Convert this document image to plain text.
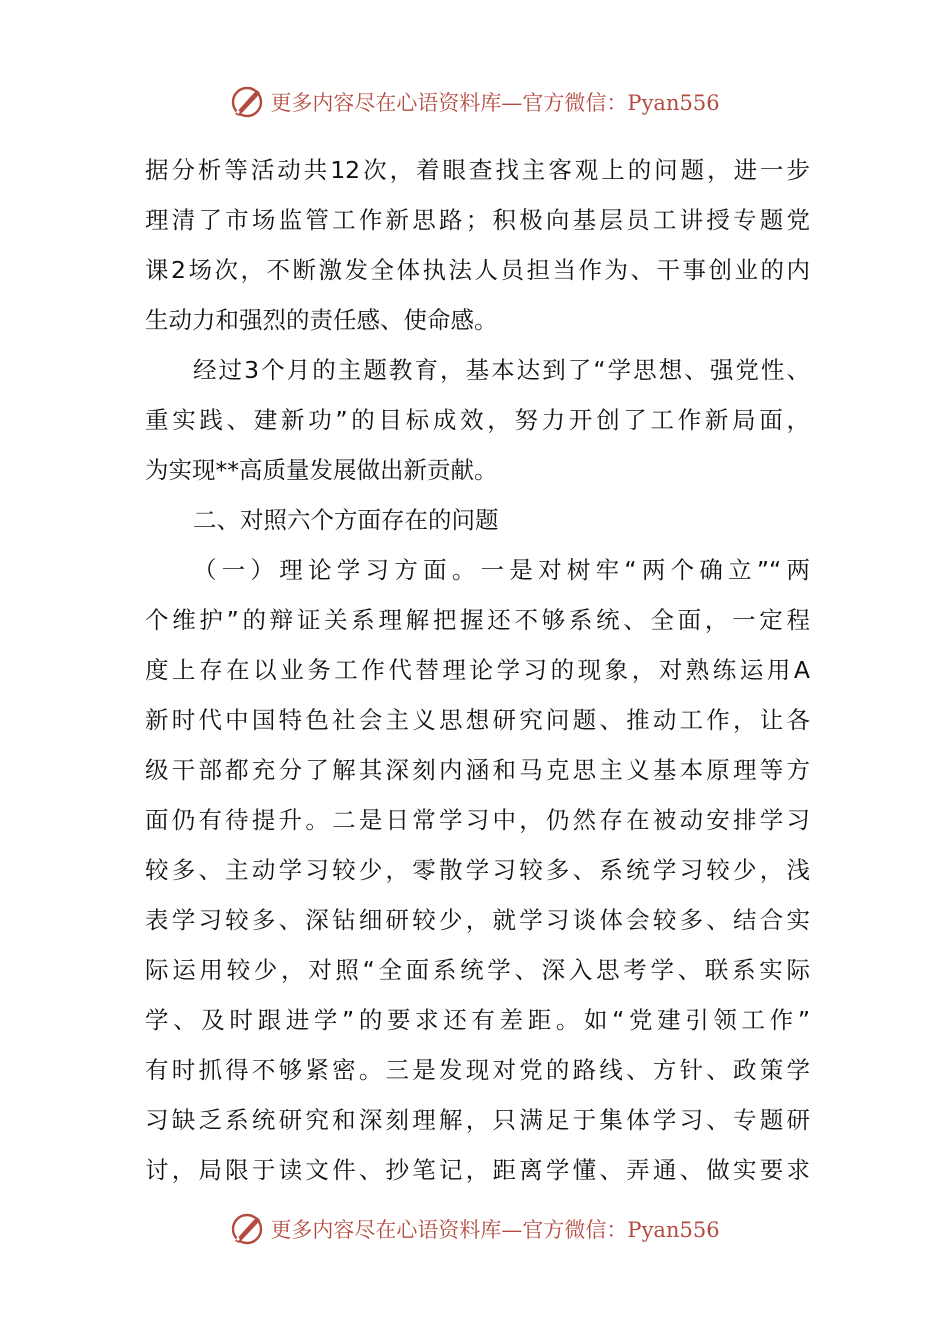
更多内容尽在心语资料库—官方微信：Pyan556
据分析等活动共12次，着眼查找主客观上的问题，进一步
理清了市场监管工作新思路；积极向基层员工讲授专题党
课2场次，不断激发全体执法人员担当作为、干事创业的内
生动力和强烈的责任感、使命感。
经过3个月的主题教育，基本达到了“学思想、强党性、
重实践、建新功”的目标成效，努力开创了工作新局面，
为实现**高质量发展做出新贡献。
二、对照六个方面存在的问题
（一）理论学习方面。一是对树牢“两个确立”“两
个维护”的辩证关系理解把握还不够系统、全面，一定程
度上存在以业务工作代替理论学习的现象，对熟练运用A
新时代中国特色社会主义思想研究问题、推动工作，让各
级干部都充分了解其深刻内涵和马克思主义基本原理等方
面仍有待提升。二是日常学习中，仍然存在被动安排学习
较多、主动学习较少，零散学习较多、系统学习较少，浅
表学习较多、深钻细研较少，就学习谈体会较多、结合实
际运用较少，对照“全面系统学、深入思考学、联系实际
学、及时跟进学”的要求还有差距。如“党建引领工作”
有时抓得不够紧密。三是发现对党的路线、方针、政策学
习缺乏系统研究和深刻理解，只满足于集体学习、专题研
讨，局限于读文件、抄笔记，距离学懂、弄通、做实要求
更多内容尽在心语资料库—官方微信：Pyan556
